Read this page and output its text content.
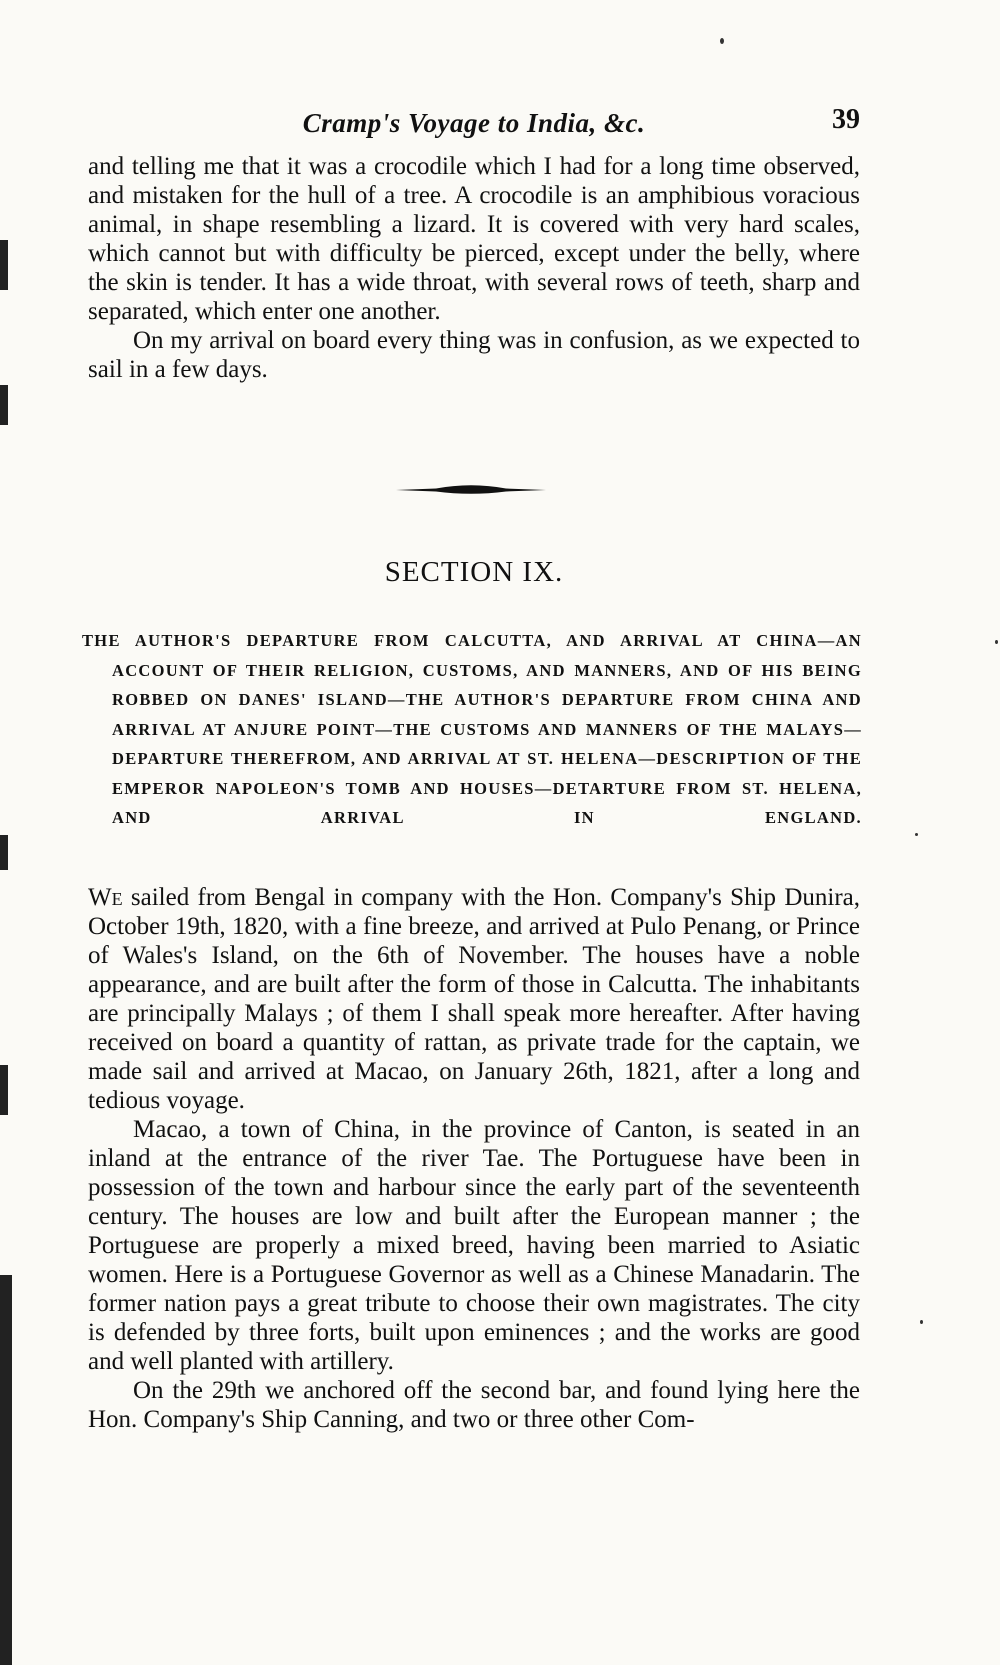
Cramp's Voyage to India, &c.	39

and telling me that it was a crocodile which I had for a long time observed, and mistaken for the hull of a tree. A crocodile is an amphibious voracious animal, in shape resembling a lizard. It is covered with very hard scales, which cannot but with difficulty be pierced, except under the belly, where the skin is tender. It has a wide throat, with several rows of teeth, sharp and separated, which enter one another.

On my arrival on board every thing was in confusion, as we expected to sail in a few days.

SECTION IX.

THE AUTHOR'S DEPARTURE FROM CALCUTTA, AND ARRIVAL AT CHINA—AN ACCOUNT OF THEIR RELIGION, CUSTOMS, AND MANNERS, AND OF HIS BEING ROBBED ON DANES' ISLAND—THE AUTHOR'S DEPARTURE FROM CHINA AND ARRIVAL AT ANJURE POINT—THE CUSTOMS AND MANNERS OF THE MALAYS—DEPARTURE THEREFROM, AND ARRIVAL AT ST. HELENA—DESCRIPTION OF THE EMPEROR NAPOLEON'S TOMB AND HOUSES—DETARTURE FROM ST. HELENA, AND ARRIVAL IN ENGLAND.

We sailed from Bengal in company with the Hon. Company's Ship Dunira, October 19th, 1820, with a fine breeze, and arrived at Pulo Penang, or Prince of Wales's Island, on the 6th of November. The houses have a noble appearance, and are built after the form of those in Calcutta. The inhabitants are principally Malays ; of them I shall speak more hereafter. After having received on board a quantity of rattan, as private trade for the captain, we made sail and arrived at Macao, on January 26th, 1821, after a long and tedious voyage.

Macao, a town of China, in the province of Canton, is seated in an inland at the entrance of the river Tae. The Portuguese have been in possession of the town and harbour since the early part of the seventeenth century. The houses are low and built after the European manner ; the Portuguese are properly a mixed breed, having been married to Asiatic women. Here is a Portuguese Governor as well as a Chinese Manadarin. The former nation pays a great tribute to choose their own magistrates. The city is defended by three forts, built upon eminences ; and the works are good and well planted with artillery.

On the 29th we anchored off the second bar, and found lying here the Hon. Company's Ship Canning, and two or three other Com-
